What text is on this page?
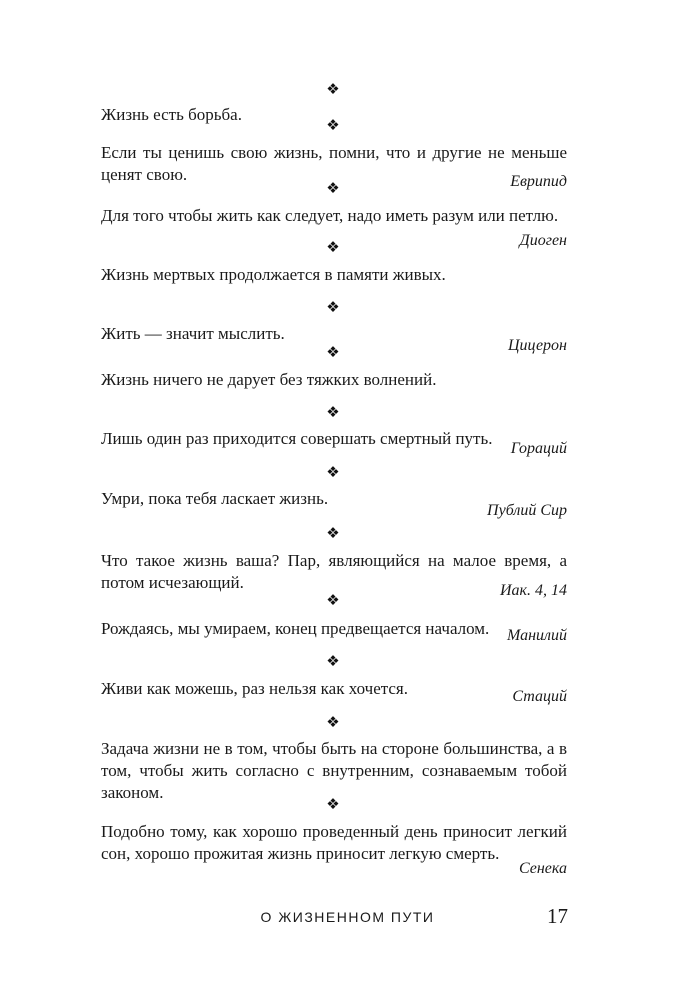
❖
❖
❖
❖
❖
❖
❖
❖
❖
❖
❖
❖
❖
Жизнь есть борьба.
Если ты ценишь свою жизнь, помни, что и другие не меньше ценят свою.	Еврипид
Для того чтобы жить как следует, надо иметь разум или петлю.
Диоген
Жизнь мертвых продолжается в памяти живых.
Жить — значит мыслить.
Цицерон
Жизнь ничего не дарует без тяжких волнений.
Лишь один раз приходится совершать смертный путь.
Гораций
Умри, пока тебя ласкает жизнь.
Публий Сир
Что такое жизнь ваша? Пар, являющийся на малое время, а потом исчезающий.	Иак. 4, 14
Рождаясь, мы умираем, конец предвещается началом.	Манилий
Живи как можешь, раз нельзя как хочется.	Стаций
Задача жизни не в том, чтобы быть на стороне большинства, а в том, чтобы жить согласно с внутренним, сознаваемым тобой законом.
Подобно тому, как хорошо проведенный день приносит легкий сон, хорошо прожитая жизнь приносит легкую смерть.
Сенека
О ЖИЗНЕННОМ ПУТИ	17
